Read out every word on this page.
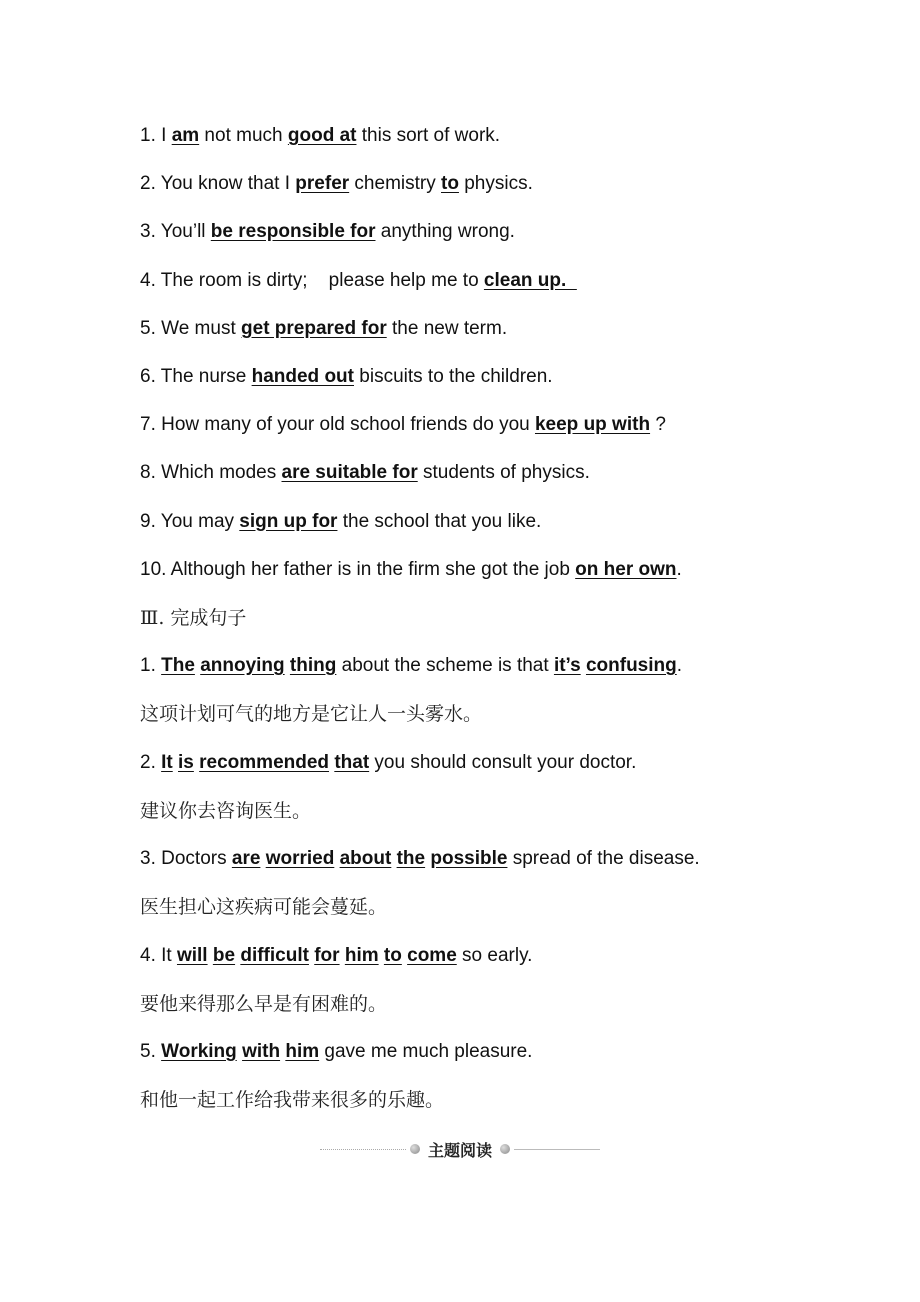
1. I am not much good at this sort of work.
2. You know that I prefer chemistry to physics.
3. You’ll be responsible for anything wrong.
4. The room is dirty;    please help me to clean up.
5. We must get prepared for the new term.
6. The nurse handed out biscuits to the children.
7. How many of your old school friends do you keep up with ?
8. Which modes are suitable for students of physics.
9. You may sign up for the school that you like.
10. Although her father is in the firm she got the job on her own.
Ⅲ. 完成句子
1. The annoying thing about the scheme is that it’s confusing.
这项计划可气的地方是它让人一头雾水。
2. It is recommended that you should consult your doctor.
建议你去咨询医生。
3. Doctors are worried about the possible spread of the disease.
医生担心这疾病可能会蔓延。
4. It will be difficult for him to come so early.
要他来得那么早是有困难的。
5. Working with him gave me much pleasure.
和他一起工作给我带来很多的乐趣。
主题阅读
